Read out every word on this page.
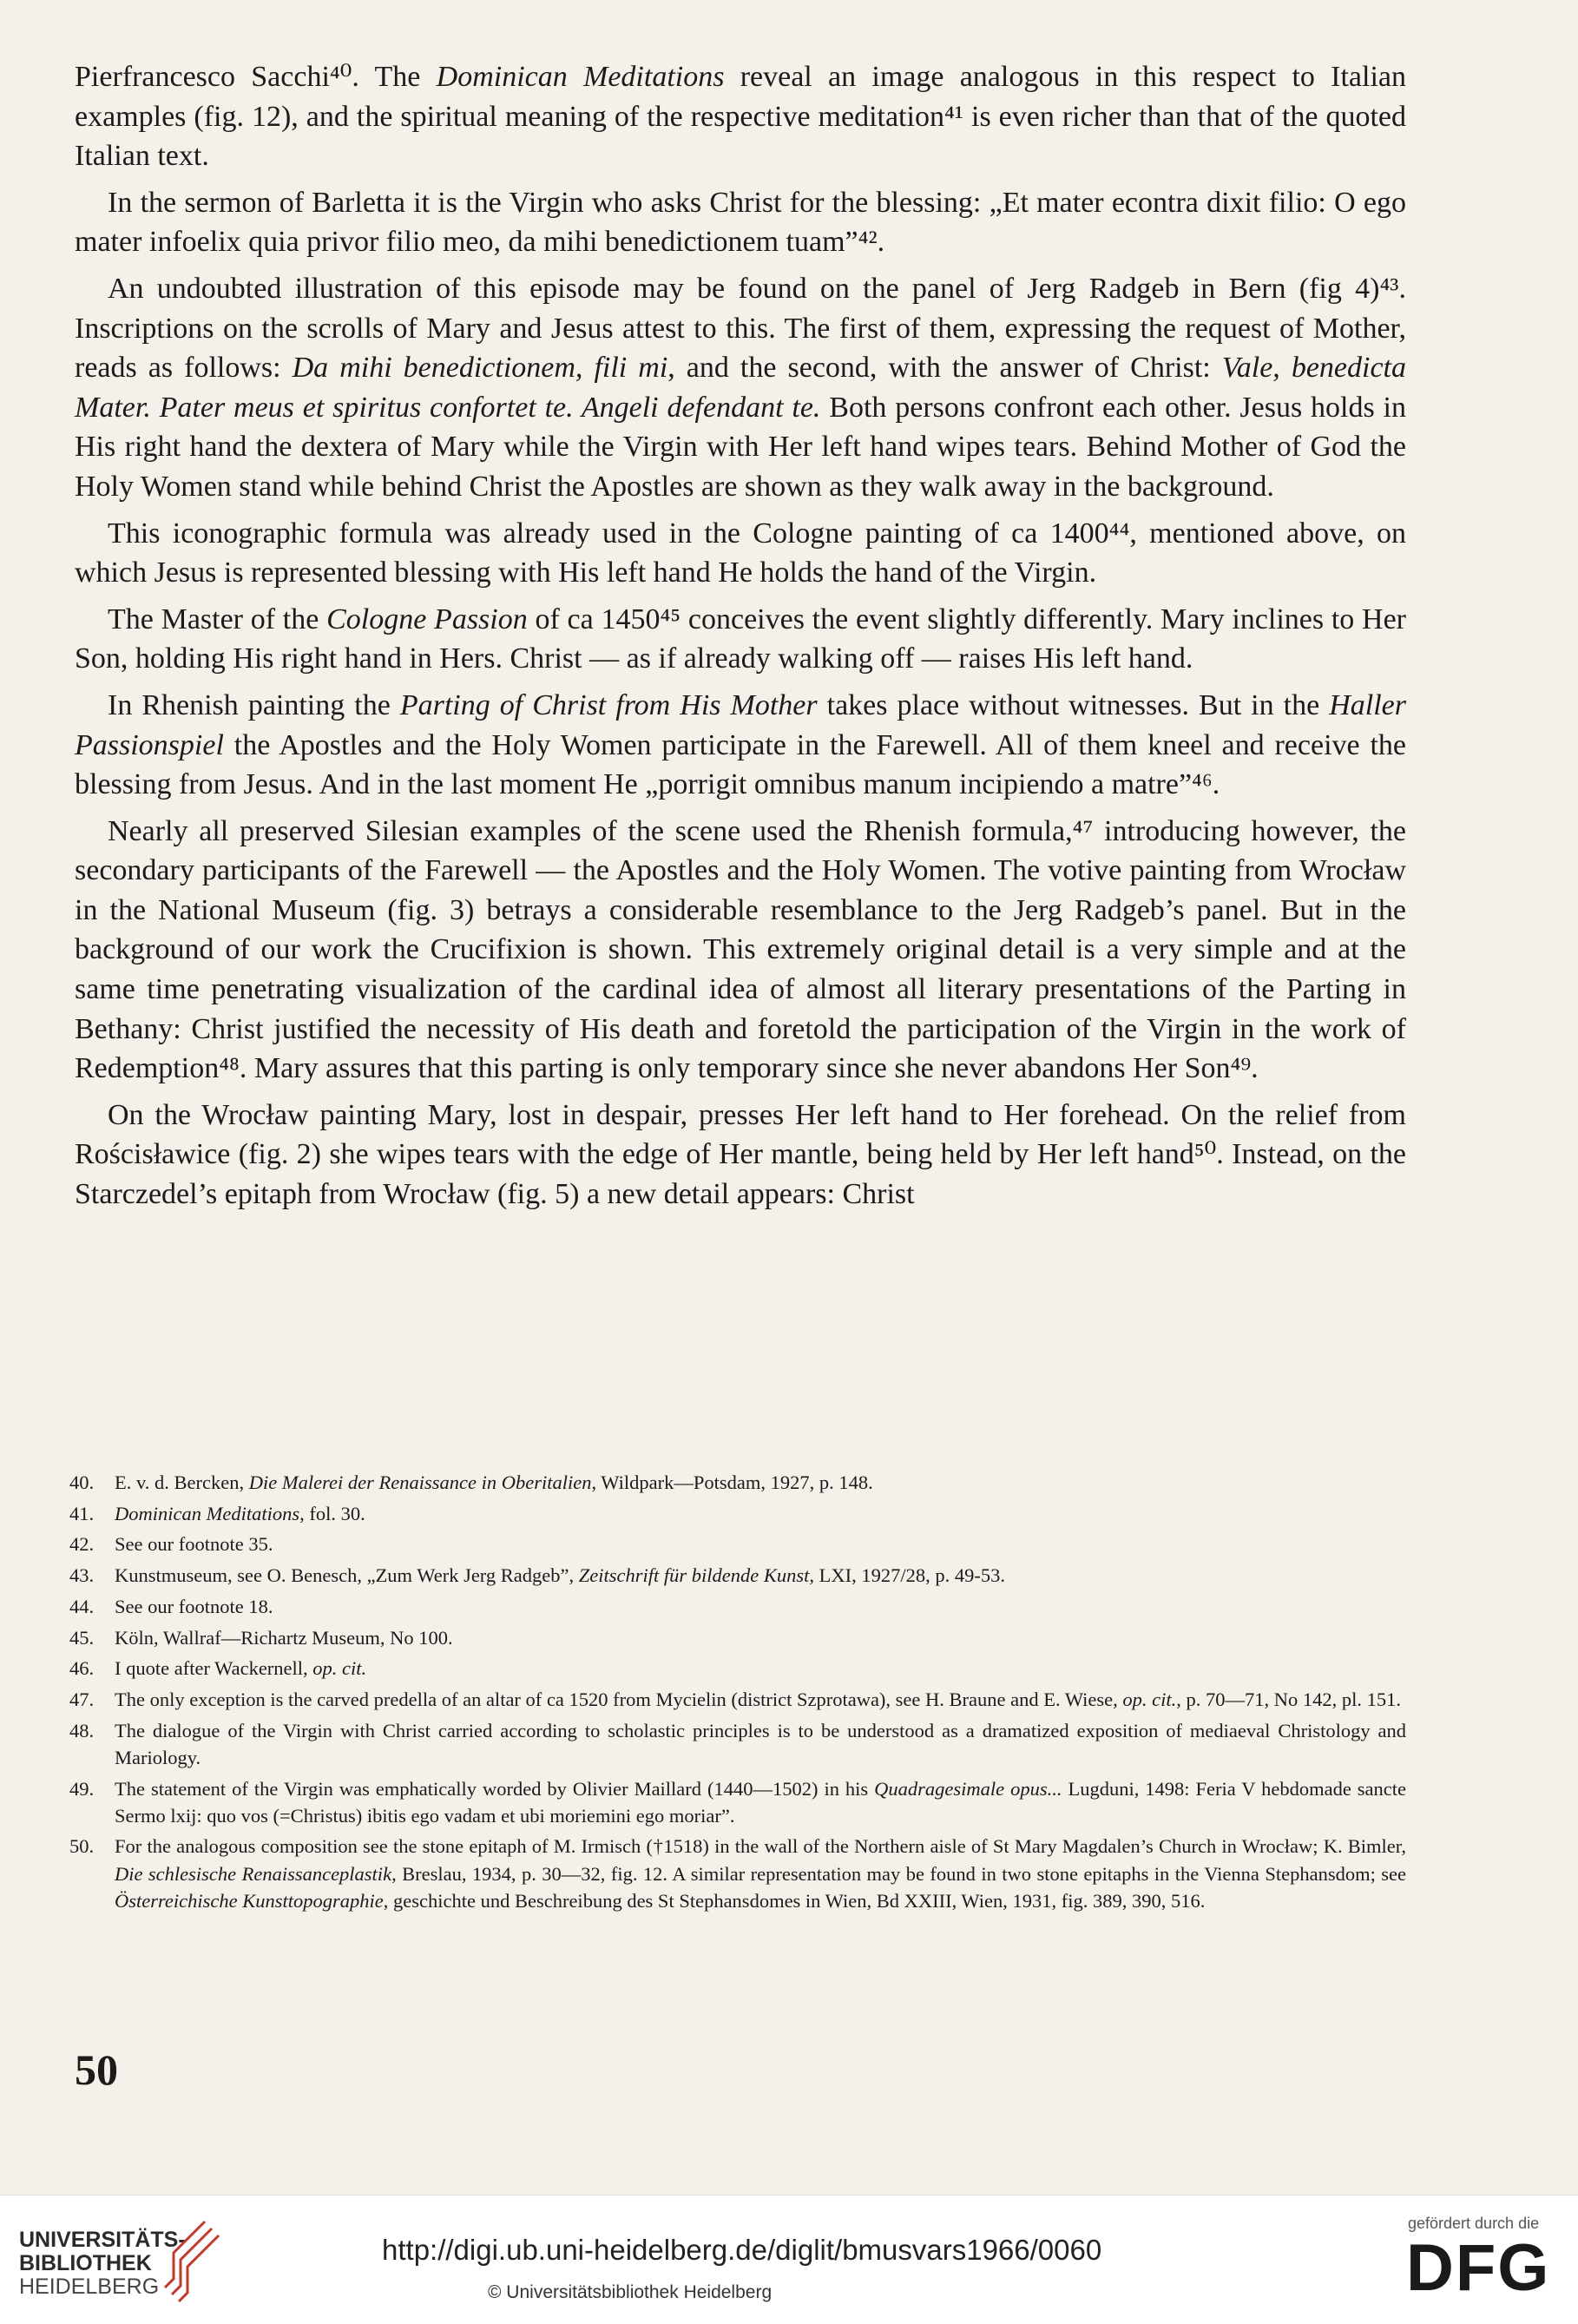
Pierfrancesco Sacchi⁴⁰. The Dominican Meditations reveal an image analogous in this respect to Italian examples (fig. 12), and the spiritual meaning of the respective meditation⁴¹ is even richer than that of the quoted Italian text.

In the sermon of Barletta it is the Virgin who asks Christ for the blessing: „Et mater econtra dixit filio: O ego mater infoelix quia privor filio meo, da mihi benedictionem tuam”⁴².

An undoubted illustration of this episode may be found on the panel of Jerg Radgeb in Bern (fig 4)⁴³. Inscriptions on the scrolls of Mary and Jesus attest to this. The first of them, expressing the request of Mother, reads as follows: Da mihi benedictionem, fili mi, and the second, with the answer of Christ: Vale, benedicta Mater. Pater meus et spiritus confortet te. Angeli defendant te. Both persons confront each other. Jesus holds in His right hand the dextera of Mary while the Virgin with Her left hand wipes tears. Behind Mother of God the Holy Women stand while behind Christ the Apostles are shown as they walk away in the background.

This iconographic formula was already used in the Cologne painting of ca 1400⁴⁴, mentioned above, on which Jesus is represented blessing with His left hand He holds the hand of the Virgin.

The Master of the Cologne Passion of ca 1450⁴⁵ conceives the event slightly differently. Mary inclines to Her Son, holding His right hand in Hers. Christ — as if already walking off — raises His left hand.

In Rhenish painting the Parting of Christ from His Mother takes place without witnesses. But in the Haller Passionspiel the Apostles and the Holy Women participate in the Farewell. All of them kneel and receive the blessing from Jesus. And in the last moment He „porrigit omnibus manum incipiendo a matre”⁴⁶.

Nearly all preserved Silesian examples of the scene used the Rhenish formula,⁴⁷ introducing however, the secondary participants of the Farewell — the Apostles and the Holy Women. The votive painting from Wrocław in the National Museum (fig. 3) betrays a considerable resemblance to the Jerg Radgeb’s panel. But in the background of our work the Crucifixion is shown. This extremely original detail is a very simple and at the same time penetrating visualization of the cardinal idea of almost all literary presentations of the Parting in Bethany: Christ justified the necessity of His death and foretold the participation of the Virgin in the work of Redemption⁴⁸. Mary assures that this parting is only temporary since she never abandons Her Son⁴⁹.

On the Wrocław painting Mary, lost in despair, presses Her left hand to Her forehead. On the relief from Rościsławice (fig. 2) she wipes tears with the edge of Her mantle, being held by Her left hand⁵⁰. Instead, on the Starczedel’s epitaph from Wrocław (fig. 5) a new detail appears: Christ

40.	E. v. d. Bercken, Die Malerei der Renaissance in Oberitalien, Wildpark—Potsdam, 1927, p. 148.
41.	Dominican Meditations, fol. 30.
42.	See our footnote 35.
43.	Kunstmuseum, see O. Benesch, „Zum Werk Jerg Radgeb”, Zeitschrift für bildende Kunst, LXI, 1927/28, p. 49-53.
44.	See our footnote 18.
45.	Köln, Wallraf—Richartz Museum, No 100.
46.	I quote after Wackernell, op. cit.
47.	The only exception is the carved predella of an altar of ca 1520 from Mycielin (district Szprotawa), see H. Braune and E. Wiese, op. cit., p. 70—71, No 142, pl. 151.
48.	The dialogue of the Virgin with Christ carried according to scholastic principles is to be understood as a dramatized exposition of mediaeval Christology and Mariology.
49.	The statement of the Virgin was emphatically worded by Olivier Maillard (1440—1502) in his Quadragesimale opus... Lugduni, 1498: Feria V hebdomade sancte Sermo lxij: quo vos (=Christus) ibitis ego vadam et ubi moriemini ego moriar”.
50.	For the analogous composition see the stone epitaph of M. Irmisch (†1518) in the wall of the Northern aisle of St Mary Magdalen’s Church in Wrocław; K. Bimler, Die schlesische Renaissanceplastik, Breslau, 1934, p. 30—32, fig. 12. A similar representation may be found in two stone epitaphs in the Vienna Stephansdom; see Österreichische Kunsttopographie, geschichte und Beschreibung des St Stephansdomes in Wien, Bd XXIII, Wien, 1931, fig. 389, 390, 516.
50
UNIVERSITÄTS-
BIBLIOTHEK
HEIDELBERG
http://digi.ub.uni-heidelberg.de/diglit/bmusvars1966/0060
© Universitätsbibliothek Heidelberg
gefördert durch die
DFG
